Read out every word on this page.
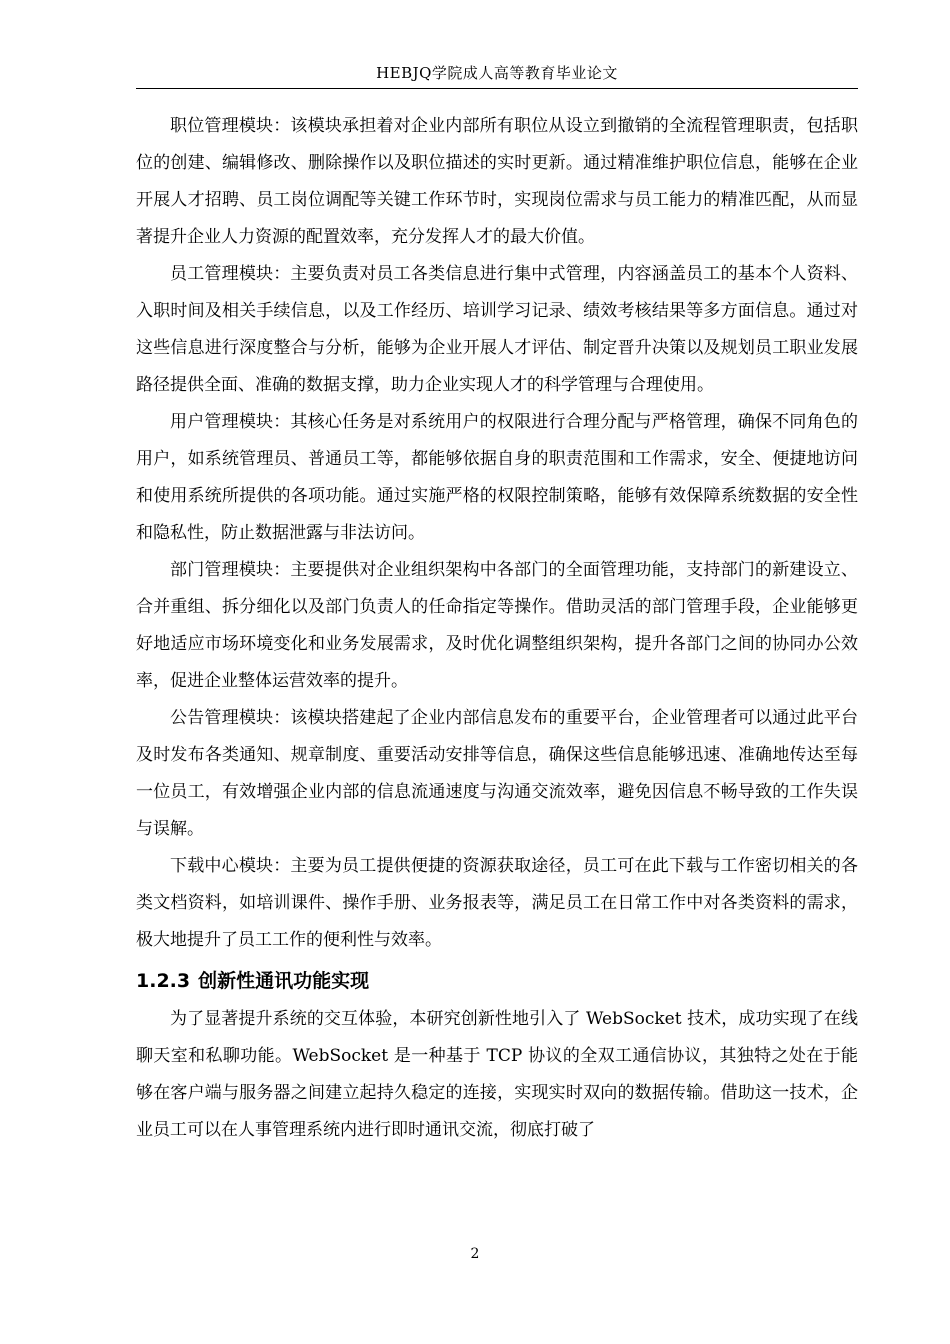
HEBJQ学院成人高等教育毕业论文

职位管理模块：该模块承担着对企业内部所有职位从设立到撤销的全流程管理职责，包括职位的创建、编辑修改、删除操作以及职位描述的实时更新。通过精准维护职位信息，能够在企业开展人才招聘、员工岗位调配等关键工作环节时，实现岗位需求与员工能力的精准匹配，从而显著提升企业人力资源的配置效率，充分发挥人才的最大价值。

员工管理模块：主要负责对员工各类信息进行集中式管理，内容涵盖员工的基本个人资料、入职时间及相关手续信息，以及工作经历、培训学习记录、绩效考核结果等多方面信息。通过对这些信息进行深度整合与分析，能够为企业开展人才评估、制定晋升决策以及规划员工职业发展路径提供全面、准确的数据支撑，助力企业实现人才的科学管理与合理使用。

用户管理模块：其核心任务是对系统用户的权限进行合理分配与严格管理，确保不同角色的用户，如系统管理员、普通员工等，都能够依据自身的职责范围和工作需求，安全、便捷地访问和使用系统所提供的各项功能。通过实施严格的权限控制策略，能够有效保障系统数据的安全性和隐私性，防止数据泄露与非法访问。

部门管理模块：主要提供对企业组织架构中各部门的全面管理功能，支持部门的新建设立、合并重组、拆分细化以及部门负责人的任命指定等操作。借助灵活的部门管理手段，企业能够更好地适应市场环境变化和业务发展需求，及时优化调整组织架构，提升各部门之间的协同办公效率，促进企业整体运营效率的提升。

公告管理模块：该模块搭建起了企业内部信息发布的重要平台，企业管理者可以通过此平台及时发布各类通知、规章制度、重要活动安排等信息，确保这些信息能够迅速、准确地传达至每一位员工，有效增强企业内部的信息流通速度与沟通交流效率，避免因信息不畅导致的工作失误与误解。

下载中心模块：主要为员工提供便捷的资源获取途径，员工可在此下载与工作密切相关的各类文档资料，如培训课件、操作手册、业务报表等，满足员工在日常工作中对各类资料的需求，极大地提升了员工工作的便利性与效率。

1.2.3 创新性通讯功能实现

为了显著提升系统的交互体验，本研究创新性地引入了 WebSocket 技术，成功实现了在线聊天室和私聊功能。WebSocket 是一种基于 TCP 协议的全双工通信协议，其独特之处在于能够在客户端与服务器之间建立起持久稳定的连接，实现实时双向的数据传输。借助这一技术，企业员工可以在人事管理系统内进行即时通讯交流，彻底打破了

2
